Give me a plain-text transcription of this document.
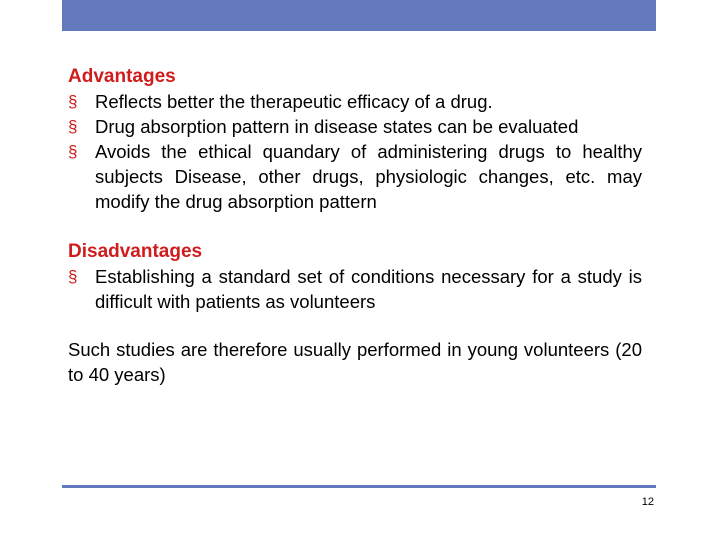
Advantages
§ Reflects better the therapeutic efficacy of a drug.
§ Drug absorption pattern in disease states can be evaluated
§ Avoids the ethical quandary of administering drugs to healthy subjects Disease, other drugs, physiologic changes, etc. may modify the drug absorption pattern
Disadvantages
§ Establishing a standard set of conditions necessary for a study is difficult with patients as volunteers

Such studies are therefore usually performed in young volunteers (20 to 40 years)

12
